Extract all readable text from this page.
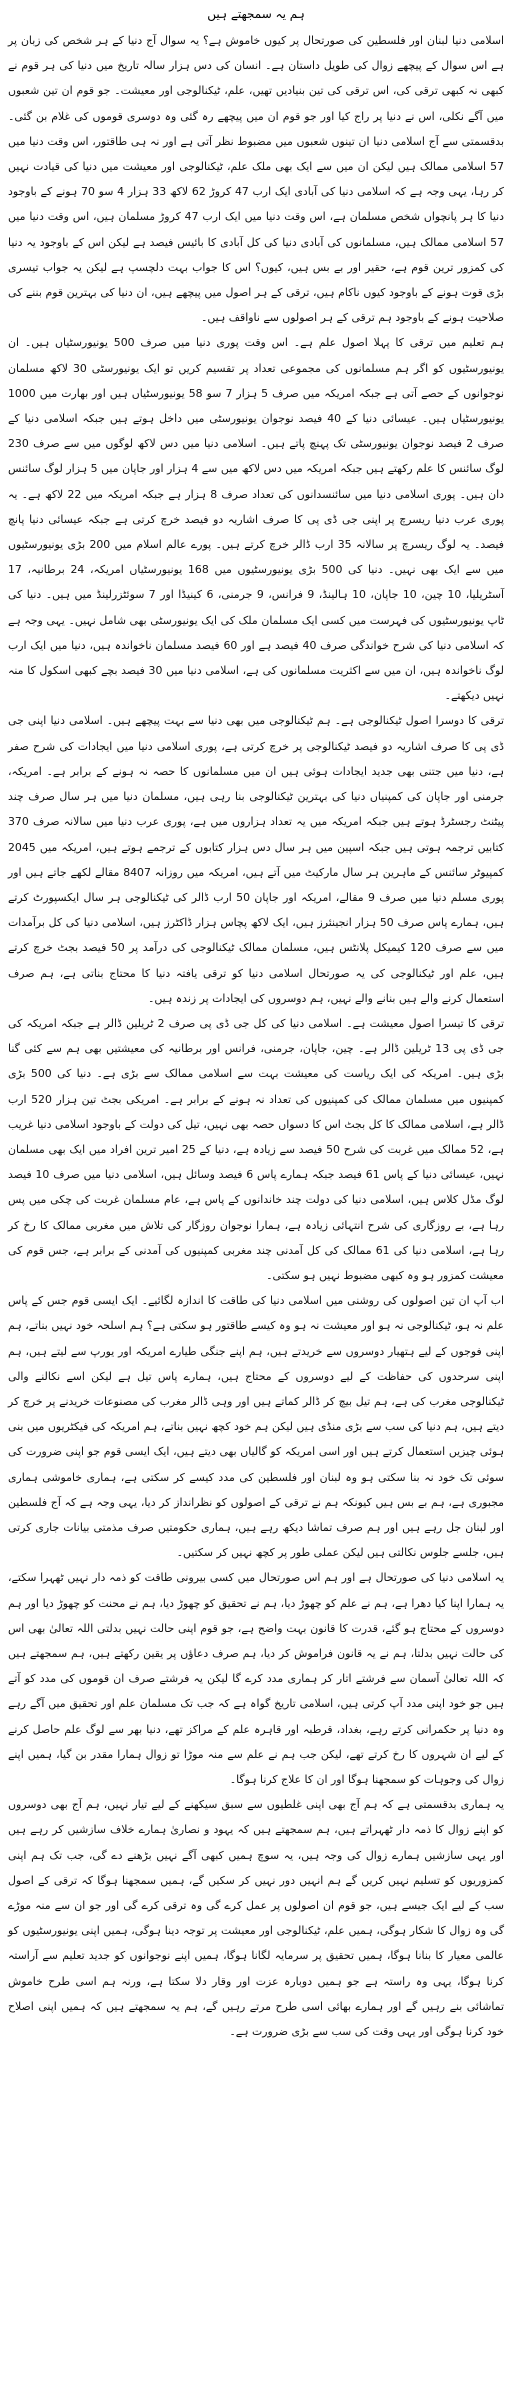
ہم یہ سمجھتے ہیں

اسلامی دنیا لبنان اور فلسطین کی صورتحال پر کیوں خاموش ہے؟ یہ سوال آج دنیا کے ہر شخص کی زبان پر ہے اس سوال کے پیچھے زوال کی طویل داستان ہے۔ انسان کی دس ہزار سالہ تاریخ میں دنیا کی ہر قوم نے کبھی نہ کبھی ترقی کی، اس ترقی کی تین بنیادیں تھیں، علم، ٹیکنالوجی اور معیشت۔ جو قوم ان تین شعبوں میں آگے نکلی، اس نے دنیا پر راج کیا اور جو قوم ان میں پیچھے رہ گئی وہ دوسری قوموں کی غلام بن گئی۔ بدقسمتی سے آج اسلامی دنیا ان تینوں شعبوں میں مضبوط نظر آتی ہے اور نہ ہی طاقتور، اس وقت دنیا میں 57 اسلامی ممالک ہیں لیکن ان میں سے ایک بھی ملک علم، ٹیکنالوجی اور معیشت میں دنیا کی قیادت نہیں کر رہا، یہی وجہ ہے کہ اسلامی دنیا کی آبادی ایک ارب 47 کروڑ 62 لاکھ 33 ہزار 4 سو 70 ہونے کے باوجود دنیا کا ہر پانچواں شخص مسلمان ہے، اس وقت دنیا میں ایک ارب 47 کروڑ مسلمان ہیں، اس وقت دنیا میں 57 اسلامی ممالک ہیں، مسلمانوں کی آبادی دنیا کی کل آبادی کا بائیس فیصد ہے لیکن اس کے باوجود یہ دنیا کی کمزور ترین قوم ہے، حقیر اور بے بس ہیں، کیوں؟ اس کا جواب بہت دلچسپ ہے لیکن یہ جواب تیسری بڑی قوت ہونے کے باوجود کیوں ناکام ہیں، ترقی کے ہر اصول میں پیچھے ہیں، ان دنیا کی بہترین قوم بننے کی صلاحیت ہونے کے باوجود ہم ترقی کے ہر اصولوں سے ناواقف ہیں۔

ہم تعلیم میں ترقی کا پہلا اصول علم ہے۔ اس وقت پوری دنیا میں صرف 500 یونیورسٹیاں ہیں۔ ان یونیورسٹیوں کو اگر ہم مسلمانوں کی مجموعی تعداد پر تقسیم کریں تو ایک یونیورسٹی 30 لاکھ مسلمان نوجوانوں کے حصے آتی ہے جبکہ امریکہ میں صرف 5 ہزار 7 سو 58 یونیورسٹیاں ہیں اور بھارت میں 1000 یونیورسٹیاں ہیں۔ عیسائی دنیا کے 40 فیصد نوجوان یونیورسٹی میں داخل ہوتے ہیں جبکہ اسلامی دنیا کے صرف 2 فیصد نوجوان یونیورسٹی تک پہنچ پاتے ہیں۔ اسلامی دنیا میں دس لاکھ لوگوں میں سے صرف 230 لوگ سائنس کا علم رکھتے ہیں جبکہ امریکہ میں دس لاکھ میں سے 4 ہزار اور جاپان میں 5 ہزار لوگ سائنس دان ہیں۔ پوری اسلامی دنیا میں سائنسدانوں کی تعداد صرف 8 ہزار ہے جبکہ امریکہ میں 22 لاکھ ہے۔ یہ پوری عرب دنیا ریسرچ پر اپنی جی ڈی پی کا صرف اشاریہ دو فیصد خرچ کرتی ہے جبکہ عیسائی دنیا پانچ فیصد۔ یہ لوگ ریسرچ پر سالانہ 35 ارب ڈالر خرچ کرتے ہیں۔ پورے عالم اسلام میں 200 بڑی یونیورسٹیوں میں سے ایک بھی نہیں۔ دنیا کی 500 بڑی یونیورسٹیوں میں 168 یونیورسٹیاں امریکہ، 24 برطانیہ، 17 آسٹریلیا، 10 چین، 10 جاپان، 10 ہالینڈ، 9 فرانس، 9 جرمنی، 6 کینیڈا اور 7 سوئٹزرلینڈ میں ہیں۔ دنیا کی ٹاپ یونیورسٹیوں کی فہرست میں کسی ایک مسلمان ملک کی ایک یونیورسٹی بھی شامل نہیں۔ یہی وجہ ہے کہ اسلامی دنیا کی شرح خواندگی صرف 40 فیصد ہے اور 60 فیصد مسلمان ناخواندہ ہیں، دنیا میں ایک ارب لوگ ناخواندہ ہیں، ان میں سے اکثریت مسلمانوں کی ہے، اسلامی دنیا میں 30 فیصد بچے کبھی اسکول کا منہ نہیں دیکھتے۔

ترقی کا دوسرا اصول ٹیکنالوجی ہے۔ ہم ٹیکنالوجی میں بھی دنیا سے بہت پیچھے ہیں۔ اسلامی دنیا اپنی جی ڈی پی کا صرف اشاریہ دو فیصد ٹیکنالوجی پر خرچ کرتی ہے، پوری اسلامی دنیا میں ایجادات کی شرح صفر ہے، دنیا میں جتنی بھی جدید ایجادات ہوئی ہیں ان میں مسلمانوں کا حصہ نہ ہونے کے برابر ہے۔ امریکہ، جرمنی اور جاپان کی کمپنیاں دنیا کی بہترین ٹیکنالوجی بنا رہی ہیں، مسلمان دنیا میں ہر سال صرف چند پیٹنٹ رجسٹرڈ ہوتے ہیں جبکہ امریکہ میں یہ تعداد ہزاروں میں ہے، پوری عرب دنیا میں سالانہ صرف 370 کتابیں ترجمہ ہوتی ہیں جبکہ اسپین میں ہر سال دس ہزار کتابوں کے ترجمے ہوتے ہیں، امریکہ میں 2045 کمپیوٹر سائنس کے ماہرین ہر سال مارکیٹ میں آتے ہیں، امریکہ میں روزانہ 8407 مقالے لکھے جاتے ہیں اور پوری مسلم دنیا میں صرف 9 مقالے، امریکہ اور جاپان 50 ارب ڈالر کی ٹیکنالوجی ہر سال ایکسپورٹ کرتے ہیں، ہمارے پاس صرف 50 ہزار انجینئرز ہیں، ایک لاکھ پچاس ہزار ڈاکٹرز ہیں، اسلامی دنیا کی کل برآمدات میں سے صرف 120 کیمیکل پلانٹس ہیں، مسلمان ممالک ٹیکنالوجی کی درآمد پر 50 فیصد بجٹ خرچ کرتے ہیں، علم اور ٹیکنالوجی کی یہ صورتحال اسلامی دنیا کو ترقی یافتہ دنیا کا محتاج بناتی ہے، ہم صرف استعمال کرنے والے ہیں بنانے والے نہیں، ہم دوسروں کی ایجادات پر زندہ ہیں۔

ترقی کا تیسرا اصول معیشت ہے۔ اسلامی دنیا کی کل جی ڈی پی صرف 2 ٹریلین ڈالر ہے جبکہ امریکہ کی جی ڈی پی 13 ٹریلین ڈالر ہے۔ چین، جاپان، جرمنی، فرانس اور برطانیہ کی معیشتیں بھی ہم سے کئی گنا بڑی ہیں۔ امریکہ کی ایک ریاست کی معیشت بہت سے اسلامی ممالک سے بڑی ہے۔ دنیا کی 500 بڑی کمپنیوں میں مسلمان ممالک کی کمپنیوں کی تعداد نہ ہونے کے برابر ہے۔ امریکی بجٹ تین ہزار 520 ارب ڈالر ہے، اسلامی ممالک کا کل بجٹ اس کا دسواں حصہ بھی نہیں، تیل کی دولت کے باوجود اسلامی دنیا غریب ہے، 52 ممالک میں غربت کی شرح 50 فیصد سے زیادہ ہے، دنیا کے 25 امیر ترین افراد میں ایک بھی مسلمان نہیں، عیسائی دنیا کے پاس 61 فیصد جبکہ ہمارے پاس 6 فیصد وسائل ہیں، اسلامی دنیا میں صرف 10 فیصد لوگ مڈل کلاس ہیں، اسلامی دنیا کی دولت چند خاندانوں کے پاس ہے، عام مسلمان غربت کی چکی میں پس رہا ہے، بے روزگاری کی شرح انتہائی زیادہ ہے، ہمارا نوجوان روزگار کی تلاش میں مغربی ممالک کا رخ کر رہا ہے، اسلامی دنیا کی 61 ممالک کی کل آمدنی چند مغربی کمپنیوں کی آمدنی کے برابر ہے، جس قوم کی معیشت کمزور ہو وہ کبھی مضبوط نہیں ہو سکتی۔

اب آپ ان تین اصولوں کی روشنی میں اسلامی دنیا کی طاقت کا اندازہ لگائیے۔ ایک ایسی قوم جس کے پاس علم نہ ہو، ٹیکنالوجی نہ ہو اور معیشت نہ ہو وہ کیسے طاقتور ہو سکتی ہے؟ ہم اسلحہ خود نہیں بناتے، ہم اپنی فوجوں کے لیے ہتھیار دوسروں سے خریدتے ہیں، ہم اپنے جنگی طیارے امریکہ اور یورپ سے لیتے ہیں، ہم اپنی سرحدوں کی حفاظت کے لیے دوسروں کے محتاج ہیں، ہمارے پاس تیل ہے لیکن اسے نکالنے والی ٹیکنالوجی مغرب کی ہے، ہم تیل بیچ کر ڈالر کماتے ہیں اور وہی ڈالر مغرب کی مصنوعات خریدنے پر خرچ کر دیتے ہیں، ہم دنیا کی سب سے بڑی منڈی ہیں لیکن ہم خود کچھ نہیں بناتے، ہم امریکہ کی فیکٹریوں میں بنی ہوئی چیزیں استعمال کرتے ہیں اور اسی امریکہ کو گالیاں بھی دیتے ہیں، ایک ایسی قوم جو اپنی ضرورت کی سوئی تک خود نہ بنا سکتی ہو وہ لبنان اور فلسطین کی مدد کیسے کر سکتی ہے، ہماری خاموشی ہماری مجبوری ہے، ہم بے بس ہیں کیونکہ ہم نے ترقی کے اصولوں کو نظرانداز کر دیا، یہی وجہ ہے کہ آج فلسطین اور لبنان جل رہے ہیں اور ہم صرف تماشا دیکھ رہے ہیں، ہماری حکومتیں صرف مذمتی بیانات جاری کرتی ہیں، جلسے جلوس نکالتی ہیں لیکن عملی طور پر کچھ نہیں کر سکتیں۔

یہ اسلامی دنیا کی صورتحال ہے اور ہم اس صورتحال میں کسی بیرونی طاقت کو ذمہ دار نہیں ٹھہرا سکتے، یہ ہمارا اپنا کیا دھرا ہے، ہم نے علم کو چھوڑ دیا، ہم نے تحقیق کو چھوڑ دیا، ہم نے محنت کو چھوڑ دیا اور ہم دوسروں کے محتاج ہو گئے، قدرت کا قانون بہت واضح ہے، جو قوم اپنی حالت نہیں بدلتی اللہ تعالیٰ بھی اس کی حالت نہیں بدلتا، ہم نے یہ قانون فراموش کر دیا، ہم صرف دعاؤں پر یقین رکھتے ہیں، ہم سمجھتے ہیں کہ اللہ تعالیٰ آسمان سے فرشتے اتار کر ہماری مدد کرے گا لیکن یہ فرشتے صرف ان قوموں کی مدد کو آتے ہیں جو خود اپنی مدد آپ کرتی ہیں، اسلامی تاریخ گواہ ہے کہ جب تک مسلمان علم اور تحقیق میں آگے رہے وہ دنیا پر حکمرانی کرتے رہے، بغداد، قرطبہ اور قاہرہ علم کے مراکز تھے، دنیا بھر سے لوگ علم حاصل کرنے کے لیے ان شہروں کا رخ کرتے تھے، لیکن جب ہم نے علم سے منہ موڑا تو زوال ہمارا مقدر بن گیا، ہمیں اپنے زوال کی وجوہات کو سمجھنا ہوگا اور ان کا علاج کرنا ہوگا۔

یہ ہماری بدقسمتی ہے کہ ہم آج بھی اپنی غلطیوں سے سبق سیکھنے کے لیے تیار نہیں، ہم آج بھی دوسروں کو اپنے زوال کا ذمہ دار ٹھہراتے ہیں، ہم سمجھتے ہیں کہ یہود و نصاریٰ ہمارے خلاف سازشیں کر رہے ہیں اور یہی سازشیں ہمارے زوال کی وجہ ہیں، یہ سوچ ہمیں کبھی آگے نہیں بڑھنے دے گی، جب تک ہم اپنی کمزوریوں کو تسلیم نہیں کریں گے ہم انہیں دور نہیں کر سکیں گے، ہمیں سمجھنا ہوگا کہ ترقی کے اصول سب کے لیے ایک جیسے ہیں، جو قوم ان اصولوں پر عمل کرے گی وہ ترقی کرے گی اور جو ان سے منہ موڑے گی وہ زوال کا شکار ہوگی، ہمیں علم، ٹیکنالوجی اور معیشت پر توجہ دینا ہوگی، ہمیں اپنی یونیورسٹیوں کو عالمی معیار کا بنانا ہوگا، ہمیں تحقیق پر سرمایہ لگانا ہوگا، ہمیں اپنے نوجوانوں کو جدید تعلیم سے آراستہ کرنا ہوگا، یہی وہ راستہ ہے جو ہمیں دوبارہ عزت اور وقار دلا سکتا ہے، ورنہ ہم اسی طرح خاموش تماشائی بنے رہیں گے اور ہمارے بھائی اسی طرح مرتے رہیں گے، ہم یہ سمجھتے ہیں کہ ہمیں اپنی اصلاح خود کرنا ہوگی اور یہی وقت کی سب سے بڑی ضرورت ہے۔
